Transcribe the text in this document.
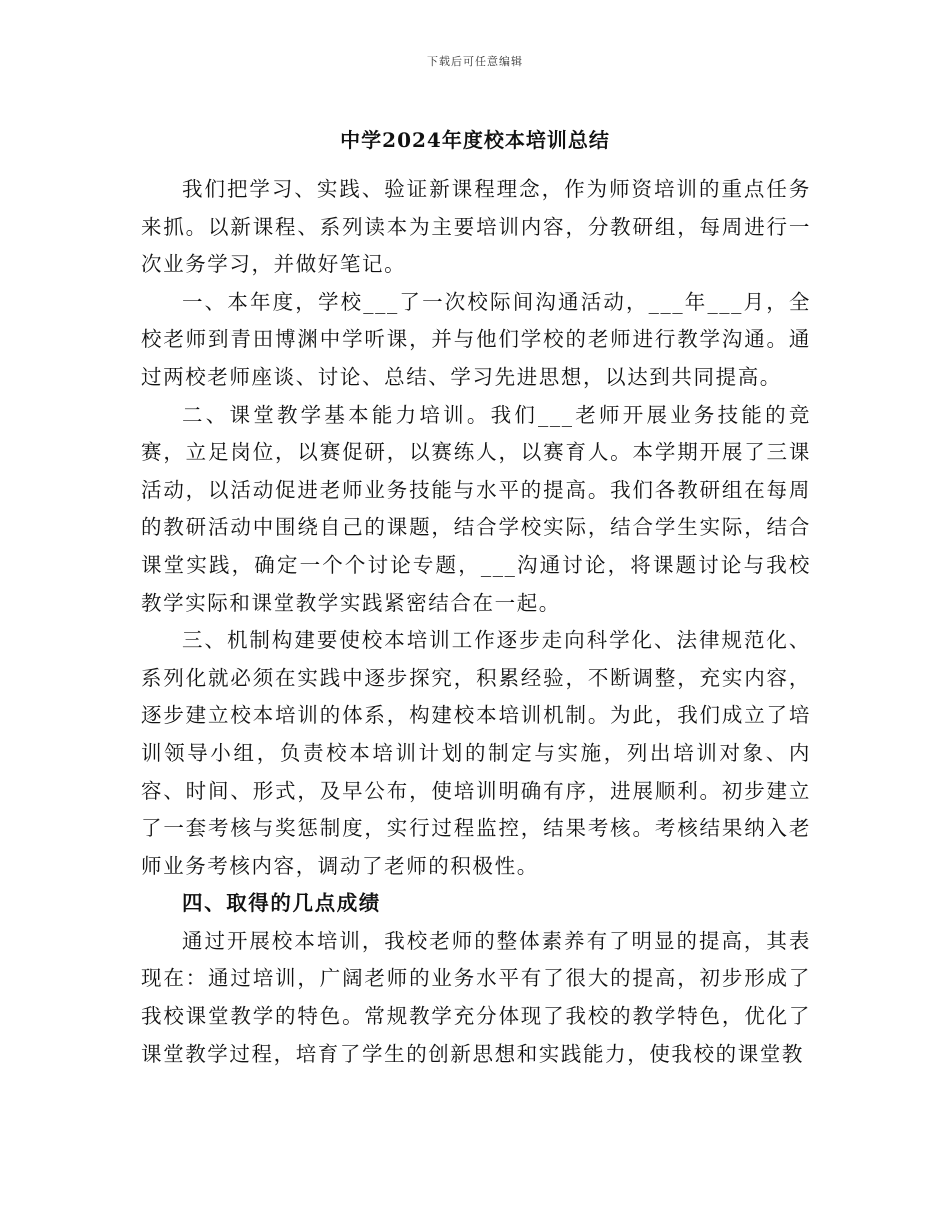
下载后可任意编辑
中学2024年度校本培训总结

我们把学习、实践、验证新课程理念，作为师资培训的重点任务来抓。以新课程、系列读本为主要培训内容，分教研组，每周进行一次业务学习，并做好笔记。

一、本年度，学校___了一次校际间沟通活动，___年___月，全校老师到青田博渊中学听课，并与他们学校的老师进行教学沟通。通过两校老师座谈、讨论、总结、学习先进思想，以达到共同提高。

二、课堂教学基本能力培训。我们___老师开展业务技能的竞赛，立足岗位，以赛促研，以赛练人，以赛育人。本学期开展了三课活动，以活动促进老师业务技能与水平的提高。我们各教研组在每周的教研活动中围绕自己的课题，结合学校实际，结合学生实际，结合课堂实践，确定一个个讨论专题，___沟通讨论，将课题讨论与我校教学实际和课堂教学实践紧密结合在一起。

三、机制构建要使校本培训工作逐步走向科学化、法律规范化、系列化就必须在实践中逐步探究，积累经验，不断调整，充实内容，逐步建立校本培训的体系，构建校本培训机制。为此，我们成立了培训领导小组，负责校本培训计划的制定与实施，列出培训对象、内容、时间、形式，及早公布，使培训明确有序，进展顺利。初步建立了一套考核与奖惩制度，实行过程监控，结果考核。考核结果纳入老师业务考核内容，调动了老师的积极性。

四、取得的几点成绩

通过开展校本培训，我校老师的整体素养有了明显的提高，其表现在：通过培训，广阔老师的业务水平有了很大的提高，初步形成了我校课堂教学的特色。常规教学充分体现了我校的教学特色，优化了课堂教学过程，培育了学生的创新思想和实践能力，使我校的课堂教
